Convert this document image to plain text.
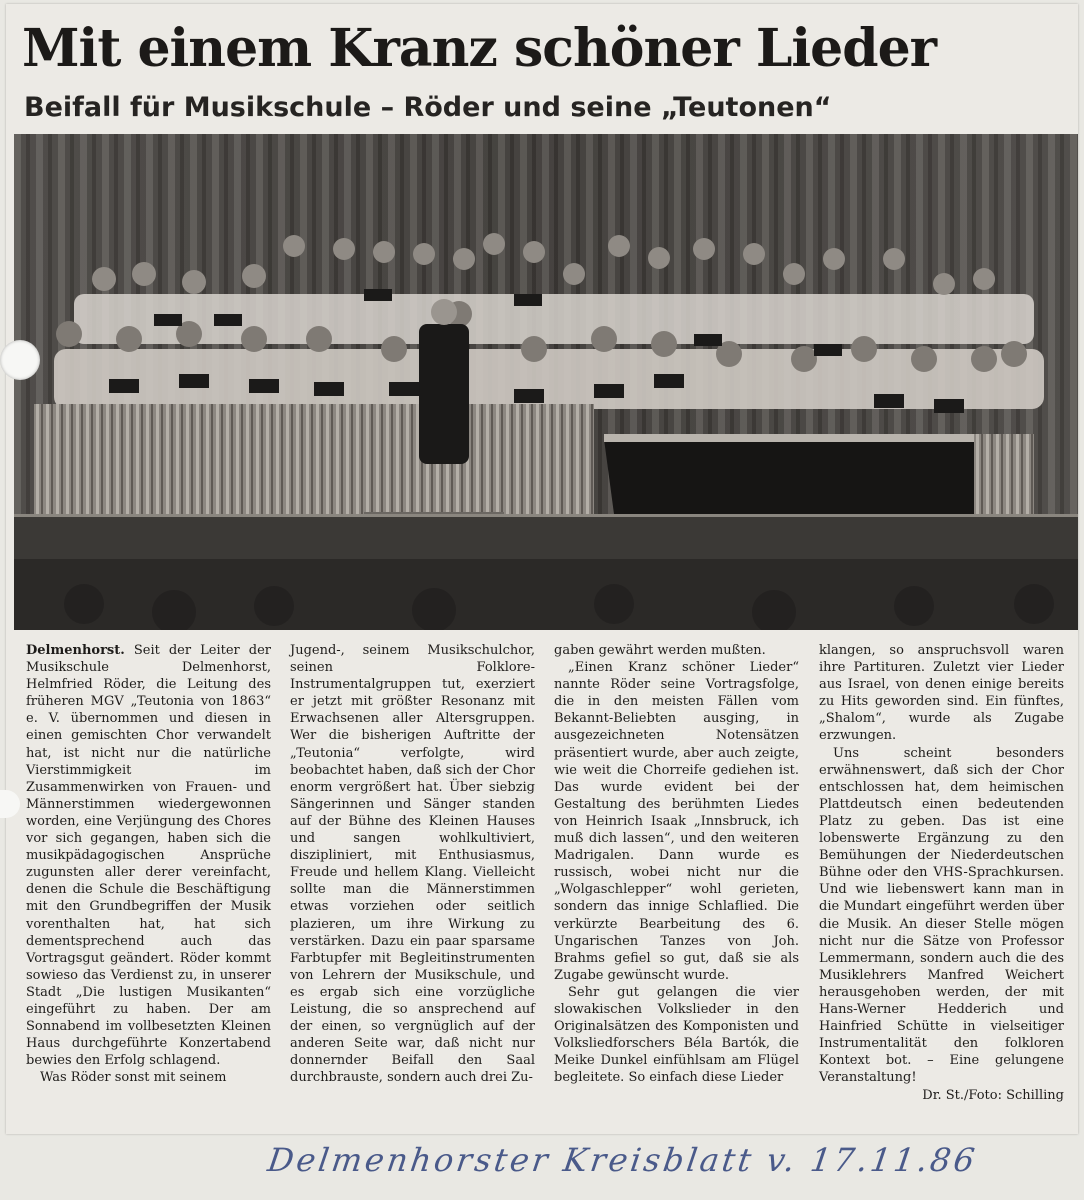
Mit einem Kranz schöner Lieder
Beifall für Musikschule – Röder und seine „Teutonen“

Delmenhorst. Seit der Leiter der Musikschule Delmenhorst, Helmfried Röder, die Leitung des früheren MGV „Teutonia von 1863“ e. V. übernommen und diesen in einen gemischten Chor verwandelt hat, ist nicht nur die natürliche Vierstimmigkeit im Zusammenwirken von Frauen- und Männerstimmen wiedergewonnen worden, eine Verjüngung des Chores vor sich gegangen, haben sich die musikpädagogischen Ansprüche zugunsten aller derer vereinfacht, denen die Schule die Beschäftigung mit den Grundbegriffen der Musik vorenthalten hat, hat sich dementsprechend auch das Vortragsgut geändert. Röder kommt sowieso das Verdienst zu, in unserer Stadt „Die lustigen Musikanten“ eingeführt zu haben. Der am Sonnabend im vollbesetzten Kleinen Haus durchgeführte Konzertabend bewies den Erfolg schlagend.

Was Röder sonst mit seinem

Jugend-, seinem Musikschulchor, seinen Folklore-Instrumentalgruppen tut, exerziert er jetzt mit größter Resonanz mit Erwachsenen aller Altersgruppen. Wer die bisherigen Auftritte der „Teutonia“ verfolgte, wird beobachtet haben, daß sich der Chor enorm vergrößert hat. Über siebzig Sängerinnen und Sänger standen auf der Bühne des Kleinen Hauses und sangen wohlkultiviert, diszipliniert, mit Enthusiasmus, Freude und hellem Klang. Vielleicht sollte man die Männerstimmen etwas vorziehen oder seitlich plazieren, um ihre Wirkung zu verstärken. Dazu ein paar sparsame Farbtupfer mit Begleitinstrumenten von Lehrern der Musikschule, und es ergab sich eine vorzügliche Leistung, die so ansprechend auf der einen, so vergnüglich auf der anderen Seite war, daß nicht nur donnernder Beifall den Saal durchbrauste, sondern auch drei Zu-

gaben gewährt werden mußten.

„Einen Kranz schöner Lieder“ nannte Röder seine Vortragsfolge, die in den meisten Fällen vom Bekannt-Beliebten ausging, in ausgezeichneten Notensätzen präsentiert wurde, aber auch zeigte, wie weit die Chorreife gediehen ist. Das wurde evident bei der Gestaltung des berühmten Liedes von Heinrich Isaak „Innsbruck, ich muß dich lassen“, und den weiteren Madrigalen. Dann wurde es russisch, wobei nicht nur die „Wolgaschlepper“ wohl gerieten, sondern das innige Schlaflied. Die verkürzte Bearbeitung des 6. Ungarischen Tanzes von Joh. Brahms gefiel so gut, daß sie als Zugabe gewünscht wurde.

Sehr gut gelangen die vier slowakischen Volkslieder in den Originalsätzen des Komponisten und Volksliedforschers Béla Bartók, die Meike Dunkel einfühlsam am Flügel begleitete. So einfach diese Lieder

klangen, so anspruchsvoll waren ihre Partituren. Zuletzt vier Lieder aus Israel, von denen einige bereits zu Hits geworden sind. Ein fünftes, „Shalom“, wurde als Zugabe erzwungen.

Uns scheint besonders erwähnenswert, daß sich der Chor entschlossen hat, dem heimischen Plattdeutsch einen bedeutenden Platz zu geben. Das ist eine lobenswerte Ergänzung zu den Bemühungen der Niederdeutschen Bühne oder den VHS-Sprachkursen. Und wie liebenswert kann man in die Mundart eingeführt werden über die Musik. An dieser Stelle mögen nicht nur die Sätze von Professor Lemmermann, sondern auch die des Musiklehrers Manfred Weichert herausgehoben werden, der mit Hans-Werner Hedderich und Hainfried Schütte in vielseitiger Instrumentalität den folkloren Kontext bot. – Eine gelungene Veranstaltung!

Dr. St./Foto: Schilling
Delmenhorster Kreisblatt v. 17.11.86
